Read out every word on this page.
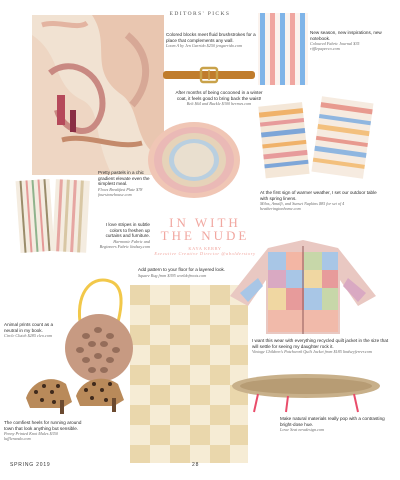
EDITORS' PICKS
Colored blocks meet fluid brushstrokes for a place that complements any wall.
Loom A by Jen Garrido $250 jengarrido.com
After months of being cocooned in a winter coat, it feels good to bring back the waist!
Belt $64 and Buckle $300 hermes.com
New season, new inspirations, new notebook.
Coloured Fabric Journal $35 rifflepaperco.com
Pretty pastels in a chic gradient elevate even the simplest meal.
Flows Breakfast Plate $78 fourstonehouse.com	At the first sign of warmer weather, I set our outdoor table with spring linens.
Milos, Amalfi, and Sunset Napkins $85 for set of 4 heatheringtonhome.com
I love stripes in subtle colors to freshen up curtains and furniture.
Harmonie Fabric and Beginners Fabric lindsay.com
IN WITH
THE NUDE
KAYA KERRY
Executive Creative Director @abolderstory
Add pattern to your floor for a layered look.
Square Rug from $395 worldofroots.com
I want this wear with everything recycled quilt jacket in the size that will settle for seeing my daughter rock it.
Vintage Children's Patchwork Quilt Jacket from $185 lindseyferrer.com
Animal prints count as a neutral in my book.
Circle Clutch $285 cleo.com
The comfiest heels for running around town that look anything but sensible.
Penny Printed Knot Mules $350 luffleranda.com
Make natural materials really pop with a contrasting bright-dose hue.
Lowe Seat newdesign.com
SPRING 2019	28
